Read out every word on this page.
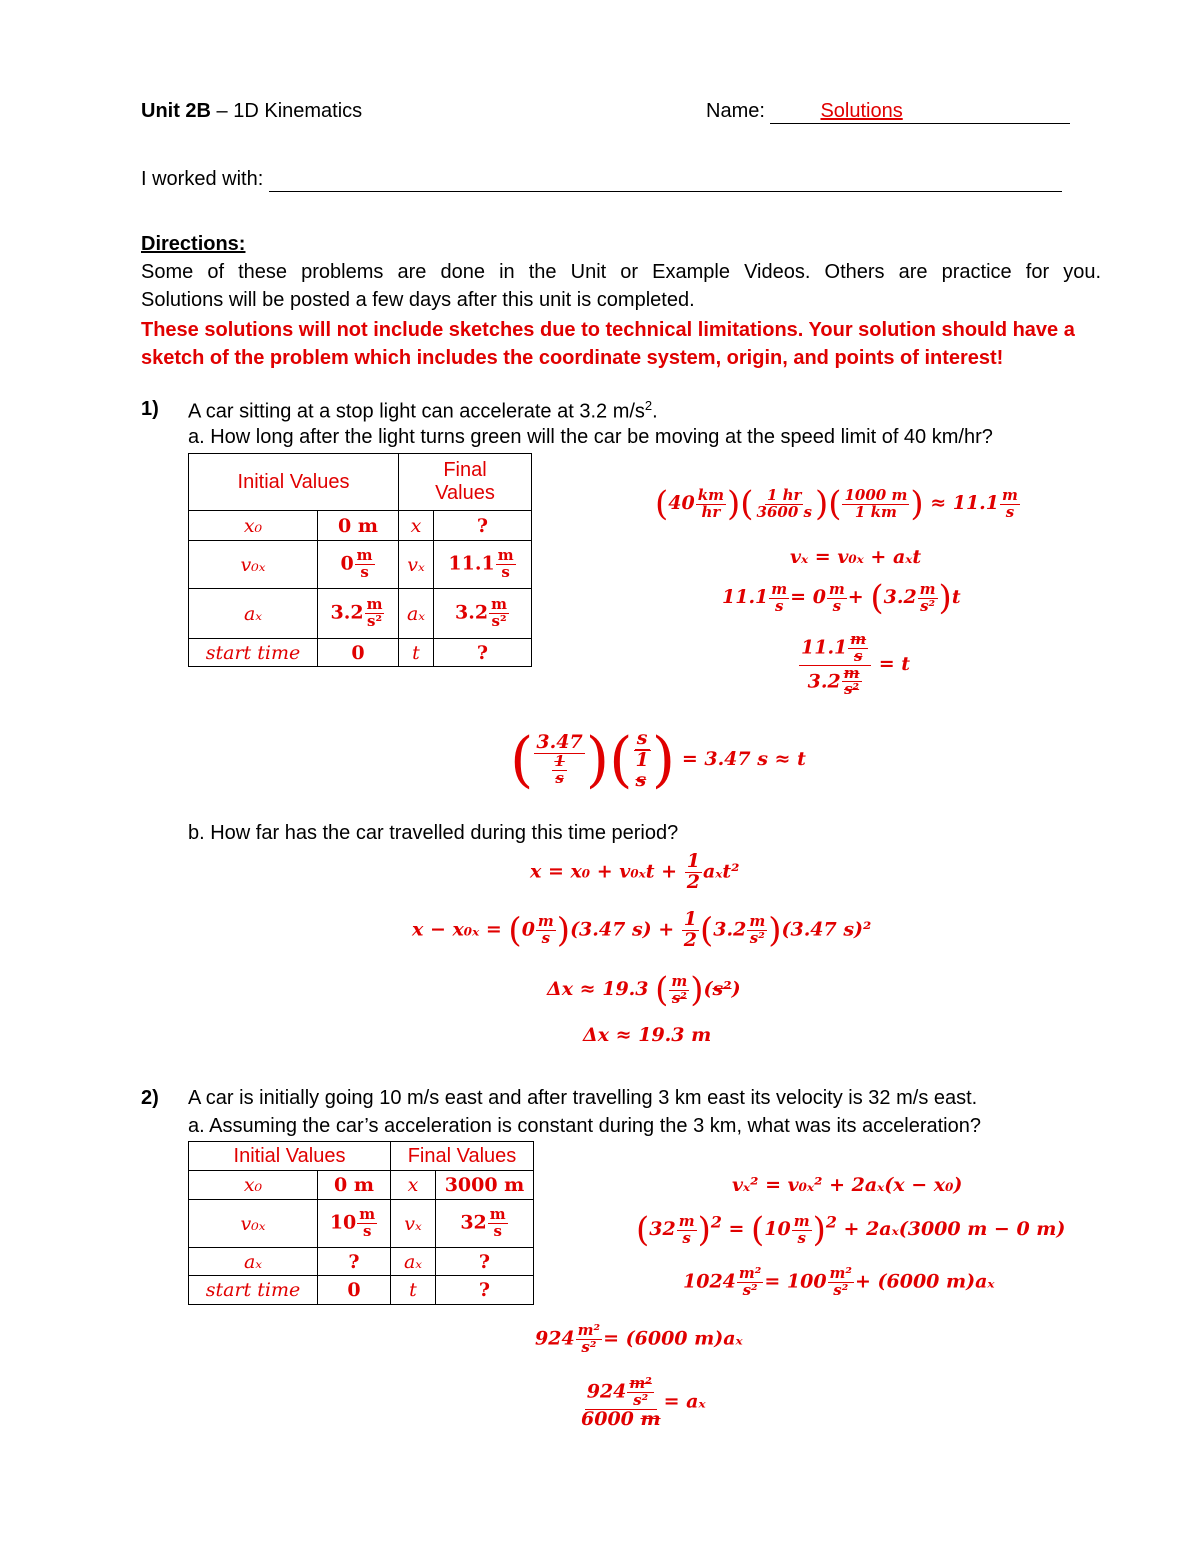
Unit 2B – 1D Kinematics	Name:	Solutions

I worked with:
Directions:
Some of these problems are done in the Unit or Example Videos. Others are practice for you.
Solutions will be posted a few days after this unit is completed.
These solutions will not include sketches due to technical limitations. Your solution should have a
sketch of the problem which includes the coordinate system, origin, and points of interest!
1) A car sitting at a stop light can accelerate at 3.2 $m/s^2$.
a. How long after the light turns green will the car be moving at the speed limit of 40 km/hr?
Initial Values		Final
Values	

x₀	0 m	x	?
v₀ₓ	$0 \frac{m}{s}$	vₓ	$11.1 \frac{m}{s}$

aₓ	$3.2 \frac{m}{\text{s²}}$	aₓ	$3.2 \frac{m}{\text{s²}}$

start time	0	t	?
($40 \frac{km}{hr}$ )( $\frac{1 hr}{3600 s}$ )( $\frac{1000 m}{1 km}$ ) ≈ $11.1 \frac{m}{s}$
vₓ = v₀ₓ + aₓt
$11.1 \frac{m}{s} = 0 \frac{m}{s} + (3.2 \frac{m}{\text{s²}} )t$
$\frac{11.1 \frac{m}{s}}{3.2 \frac{m}{\text{s²}}} = t$
( $\frac{3.47}{\frac{1}{s}}$ )( s
1
s ) = 3.47 s ≈ t
b. How far has the car travelled during this time period?
$x = x_0 + v_{0x}t + \frac{1}{2} a_xt^2$
$x - x_{0x} = (0 \frac{m}{s} )(3.47$ $s) + \frac{1}{2} (3.2 \frac{m}{\text{s²}} )(3.47$ s)²
Δx ≈ 19.3 ( $\frac{m}{\text{s²}} )(s^2)$
Δx ≈ 19.3 m
2) A car is initially going 10 m/s east and after travelling 3 km east its velocity is 32 m/s east.
a. Assuming the car’s acceleration is constant during the 3 km, what was its acceleration?
Initial Values		Final Values	
x₀	0 m	x	3000 m
v₀ₓ	$10 \frac{m}{s}$	vₓ	$32 \frac{m}{s}$

aₓ	?	aₓ	?
start time	0	t	?
vₓ² = v₀ₓ² + 2aₓ(x − x₀)
$(32 \frac{m}{s} )^2 = (10 \frac{m}{s} )^2 + 2a_x(3000$ m − 0 m)
$1024 \frac{\text{m²}}{\text{s²}} = 100 \frac{\text{m²}}{\text{s²}} + (6000$ m)aₓ
$924 \frac{\text{m²}}{\text{s²}} = (6000$ m)aₓ
$\frac{924 \frac{\text{m²}}{\text{s²}}}{6000 m} = a_x$
